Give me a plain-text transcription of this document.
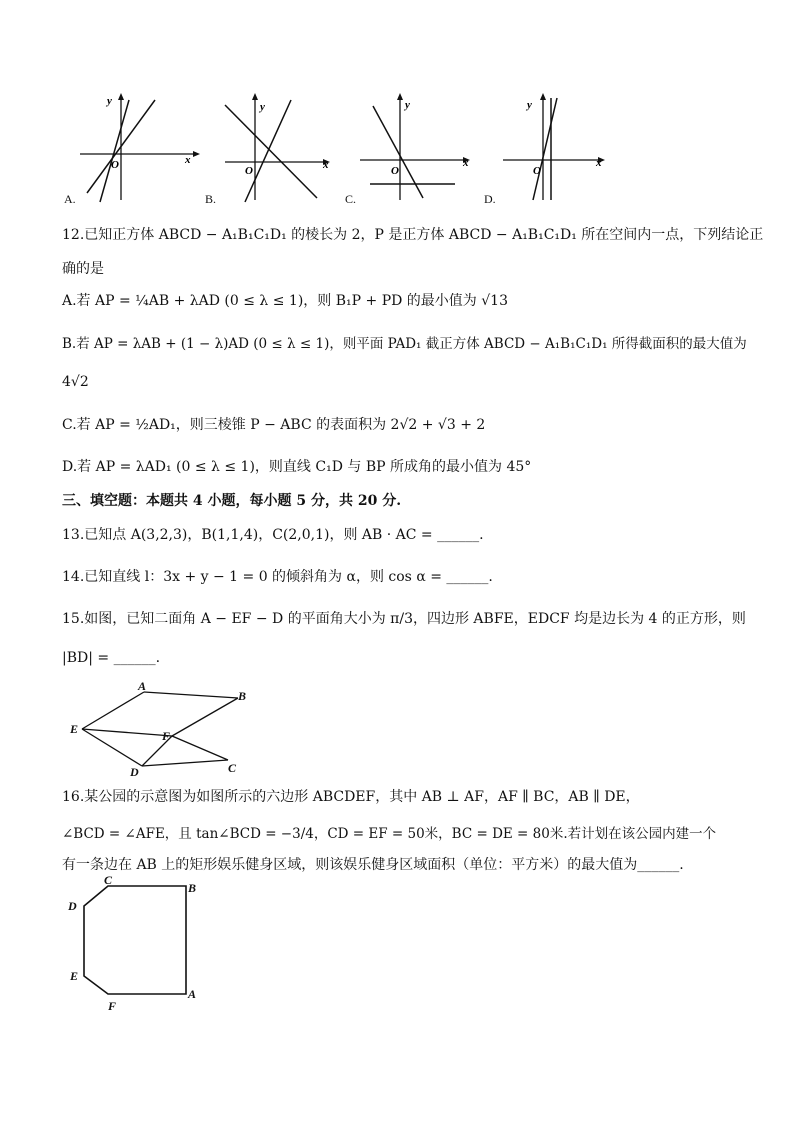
y
x
O
y
x
O
y
x
O
y
x
O
A.	B.	C.	D.
12.已知正方体 ABCD − A₁B₁C₁D₁ 的棱长为 2，P 是正方体 ABCD − A₁B₁C₁D₁ 所在空间内一点，下列结论正
确的是
A.若 AP = ¼AB + λAD (0 ≤ λ ≤ 1)，则 B₁P + PD 的最小值为 √13
B.若 AP = λAB + (1 − λ)AD (0 ≤ λ ≤ 1)，则平面 PAD₁ 截正方体 ABCD − A₁B₁C₁D₁ 所得截面积的最大值为
4√2
C.若 AP = ½AD₁，则三棱锥 P − ABC 的表面积为 2√2 + √3 + 2
D.若 AP = λAD₁ (0 ≤ λ ≤ 1)，则直线 C₁D 与 BP 所成角的最小值为 45°
三、填空题：本题共 4 小题，每小题 5 分，共 20 分.
13.已知点 A(3,2,3)，B(1,1,4)，C(2,0,1)，则 AB · AC = ______.
14.已知直线 l：3x + y − 1 = 0 的倾斜角为 α，则 cos α = ______.
15.如图，已知二面角 A − EF − D 的平面角大小为 π/3，四边形 ABFE，EDCF 均是边长为 4 的正方形，则
|BD| = ______.
A
B
E	F
D	C
16.某公园的示意图为如图所示的六边形 ABCDEF，其中 AB ⊥ AF，AF ∥ BC，AB ∥ DE，
∠BCD = ∠AFE，且 tan∠BCD = −3/4，CD = EF = 50米，BC = DE = 80米.若计划在该公园内建一个
有一条边在 AB 上的矩形娱乐健身区域，则该娱乐健身区域面积（单位：平方米）的最大值为______.
C
B
D
E
F
A
